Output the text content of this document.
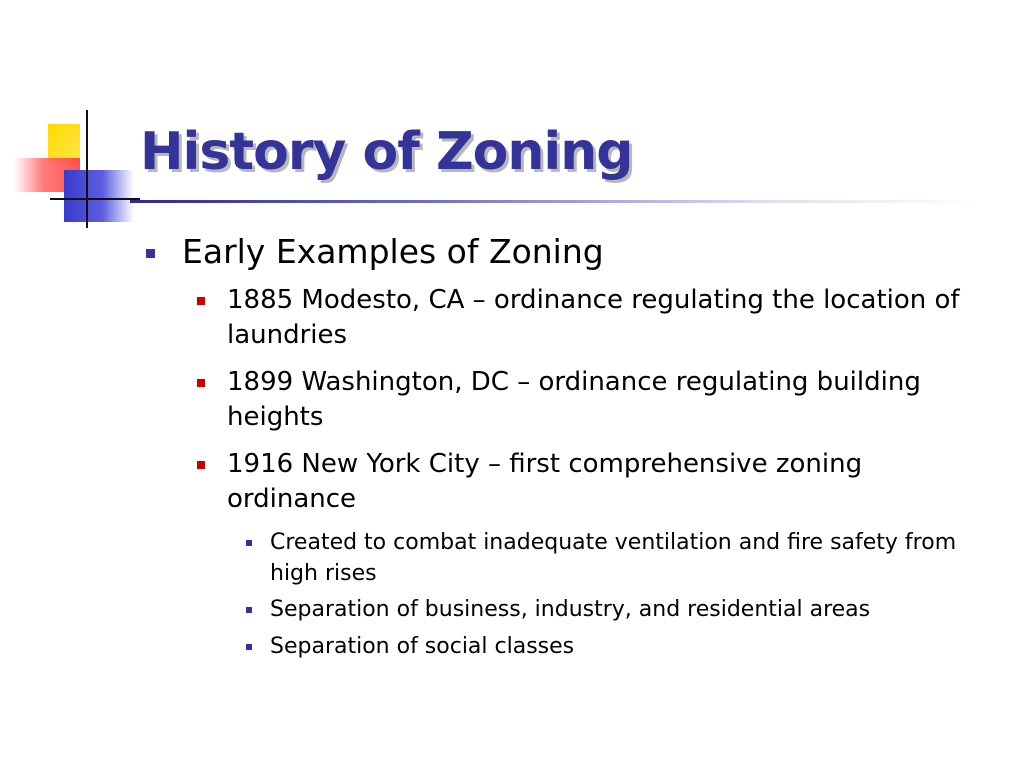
History of Zoning
Early Examples of Zoning
1885 Modesto, CA – ordinance regulating the location of laundries
1899 Washington, DC – ordinance regulating building heights
1916 New York City – first comprehensive zoning ordinance
Created to combat inadequate ventilation and fire safety from high rises
Separation of business, industry, and residential areas
Separation of social classes
